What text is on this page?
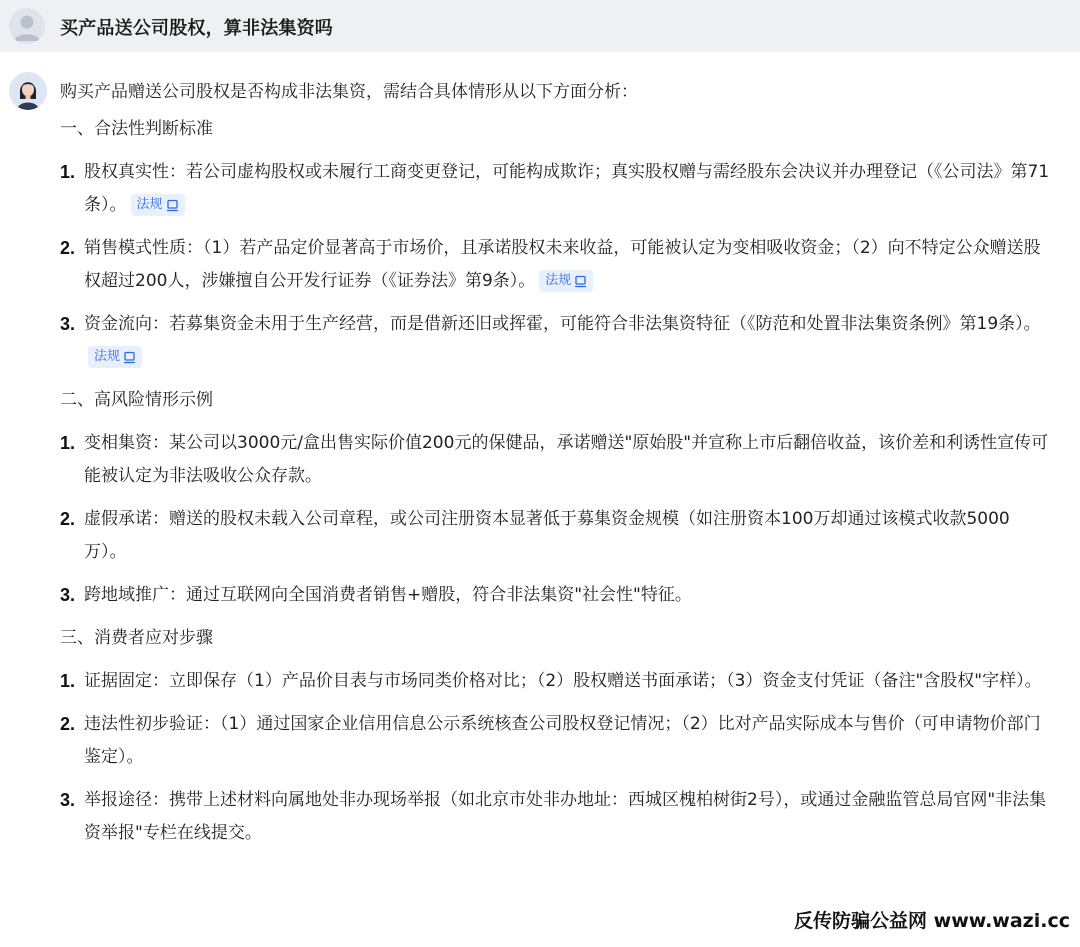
买产品送公司股权，算非法集资吗

购买产品赠送公司股权是否构成非法集资，需结合具体情形从以下方面分析：

一、合法性判断标准

1. 股权真实性：若公司虚构股权或未履行工商变更登记，可能构成欺诈；真实股权赠与需经股东会决议并办理登记（《公司法》第71条）。 法规
2. 销售模式性质：（1）若产品定价显著高于市场价，且承诺股权未来收益，可能被认定为变相吸收资金；（2）向不特定公众赠送股权超过200人，涉嫌擅自公开发行证券（《证券法》第9条）。 法规
3. 资金流向：若募集资金未用于生产经营，而是借新还旧或挥霍，可能符合非法集资特征（《防范和处置非法集资条例》第19条）。
法规

二、高风险情形示例

1. 变相集资：某公司以3000元/盒出售实际价值200元的保健品，承诺赠送"原始股"并宣称上市后翻倍收益，该价差和利诱性宣传可能被认定为非法吸收公众存款。
2. 虚假承诺：赠送的股权未载入公司章程，或公司注册资本显著低于募集资金规模（如注册资本100万却通过该模式收款5000万）。
3. 跨地域推广：通过互联网向全国消费者销售+赠股，符合非法集资"社会性"特征。

三、消费者应对步骤

1. 证据固定：立即保存（1）产品价目表与市场同类价格对比；（2）股权赠送书面承诺；（3）资金支付凭证（备注"含股权"字样）。
2. 违法性初步验证：（1）通过国家企业信用信息公示系统核查公司股权登记情况；（2）比对产品实际成本与售价（可申请物价部门鉴定）。
3. 举报途径：携带上述材料向属地处非办现场举报（如北京市处非办地址：西城区槐柏树街2号），或通过金融监管总局官网"非法集资举报"专栏在线提交。
反传防骗公益网 www.wazi.cc
